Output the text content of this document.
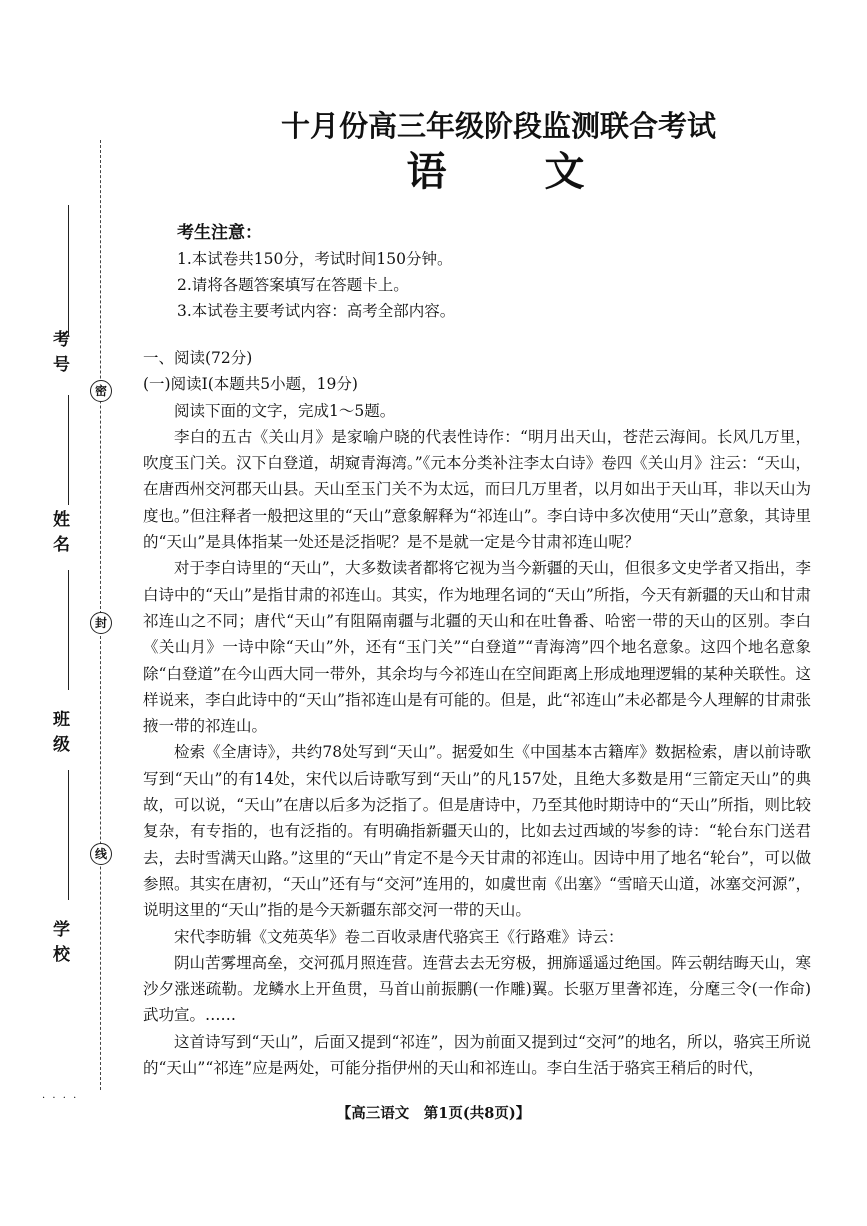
密
封
线
考号
姓名
班级
学校
十月份高三年级阶段监测联合考试
语　　文
考生注意：
1.本试卷共150分，考试时间150分钟。
2.请将各题答案填写在答题卡上。
3.本试卷主要考试内容：高考全部内容。

一、阅读(72分)

(一)阅读Ⅰ(本题共5小题，19分)

阅读下面的文字，完成1～5题。

李白的五古《关山月》是家喻户晓的代表性诗作：“明月出天山，苍茫云海间。长风几万里，吹度玉门关。汉下白登道，胡窥青海湾。”《元本分类补注李太白诗》卷四《关山月》注云：“天山，在唐西州交河郡天山县。天山至玉门关不为太远，而曰几万里者，以月如出于天山耳，非以天山为度也。”但注释者一般把这里的“天山”意象解释为“祁连山”。李白诗中多次使用“天山”意象，其诗里的“天山”是具体指某一处还是泛指呢？是不是就一定是今甘肃祁连山呢？

对于李白诗里的“天山”，大多数读者都将它视为当今新疆的天山，但很多文史学者又指出，李白诗中的“天山”是指甘肃的祁连山。其实，作为地理名词的“天山”所指，今天有新疆的天山和甘肃祁连山之不同；唐代“天山”有阻隔南疆与北疆的天山和在吐鲁番、哈密一带的天山的区别。李白《关山月》一诗中除“天山”外，还有“玉门关”“白登道”“青海湾”四个地名意象。这四个地名意象除“白登道”在今山西大同一带外，其余均与今祁连山在空间距离上形成地理逻辑的某种关联性。这样说来，李白此诗中的“天山”指祁连山是有可能的。但是，此“祁连山”未必都是今人理解的甘肃张掖一带的祁连山。

检索《全唐诗》，共约78处写到“天山”。据爱如生《中国基本古籍库》数据检索，唐以前诗歌写到“天山”的有14处，宋代以后诗歌写到“天山”的凡157处，且绝大多数是用“三箭定天山”的典故，可以说，“天山”在唐以后多为泛指了。但是唐诗中，乃至其他时期诗中的“天山”所指，则比较复杂，有专指的，也有泛指的。有明确指新疆天山的，比如去过西域的岑参的诗：“轮台东门送君去，去时雪满天山路。”这里的“天山”肯定不是今天甘肃的祁连山。因诗中用了地名“轮台”，可以做参照。其实在唐初，“天山”还有与“交河”连用的，如虞世南《出塞》“雪暗天山道，冰塞交河源”，说明这里的“天山”指的是今天新疆东部交河一带的天山。

宋代李昉辑《文苑英华》卷二百收录唐代骆宾王《行路难》诗云：

阴山苦雾埋高垒，交河孤月照连营。连营去去无穷极，拥旆遥遥过绝国。阵云朝结晦天山，寒沙夕涨迷疏勒。龙鳞水上开鱼贯，马首山前振鹏(一作雕)翼。长驱万里詟祁连，分麾三令(一作命)武功宣。……

这首诗写到“天山”，后面又提到“祁连”，因为前面又提到过“交河”的地名，所以，骆宾王所说的“天山”“祁连”应是两处，可能分指伊州的天山和祁连山。李白生活于骆宾王稍后的时代，

· · · ·
【高三语文　第1页(共8页)】
